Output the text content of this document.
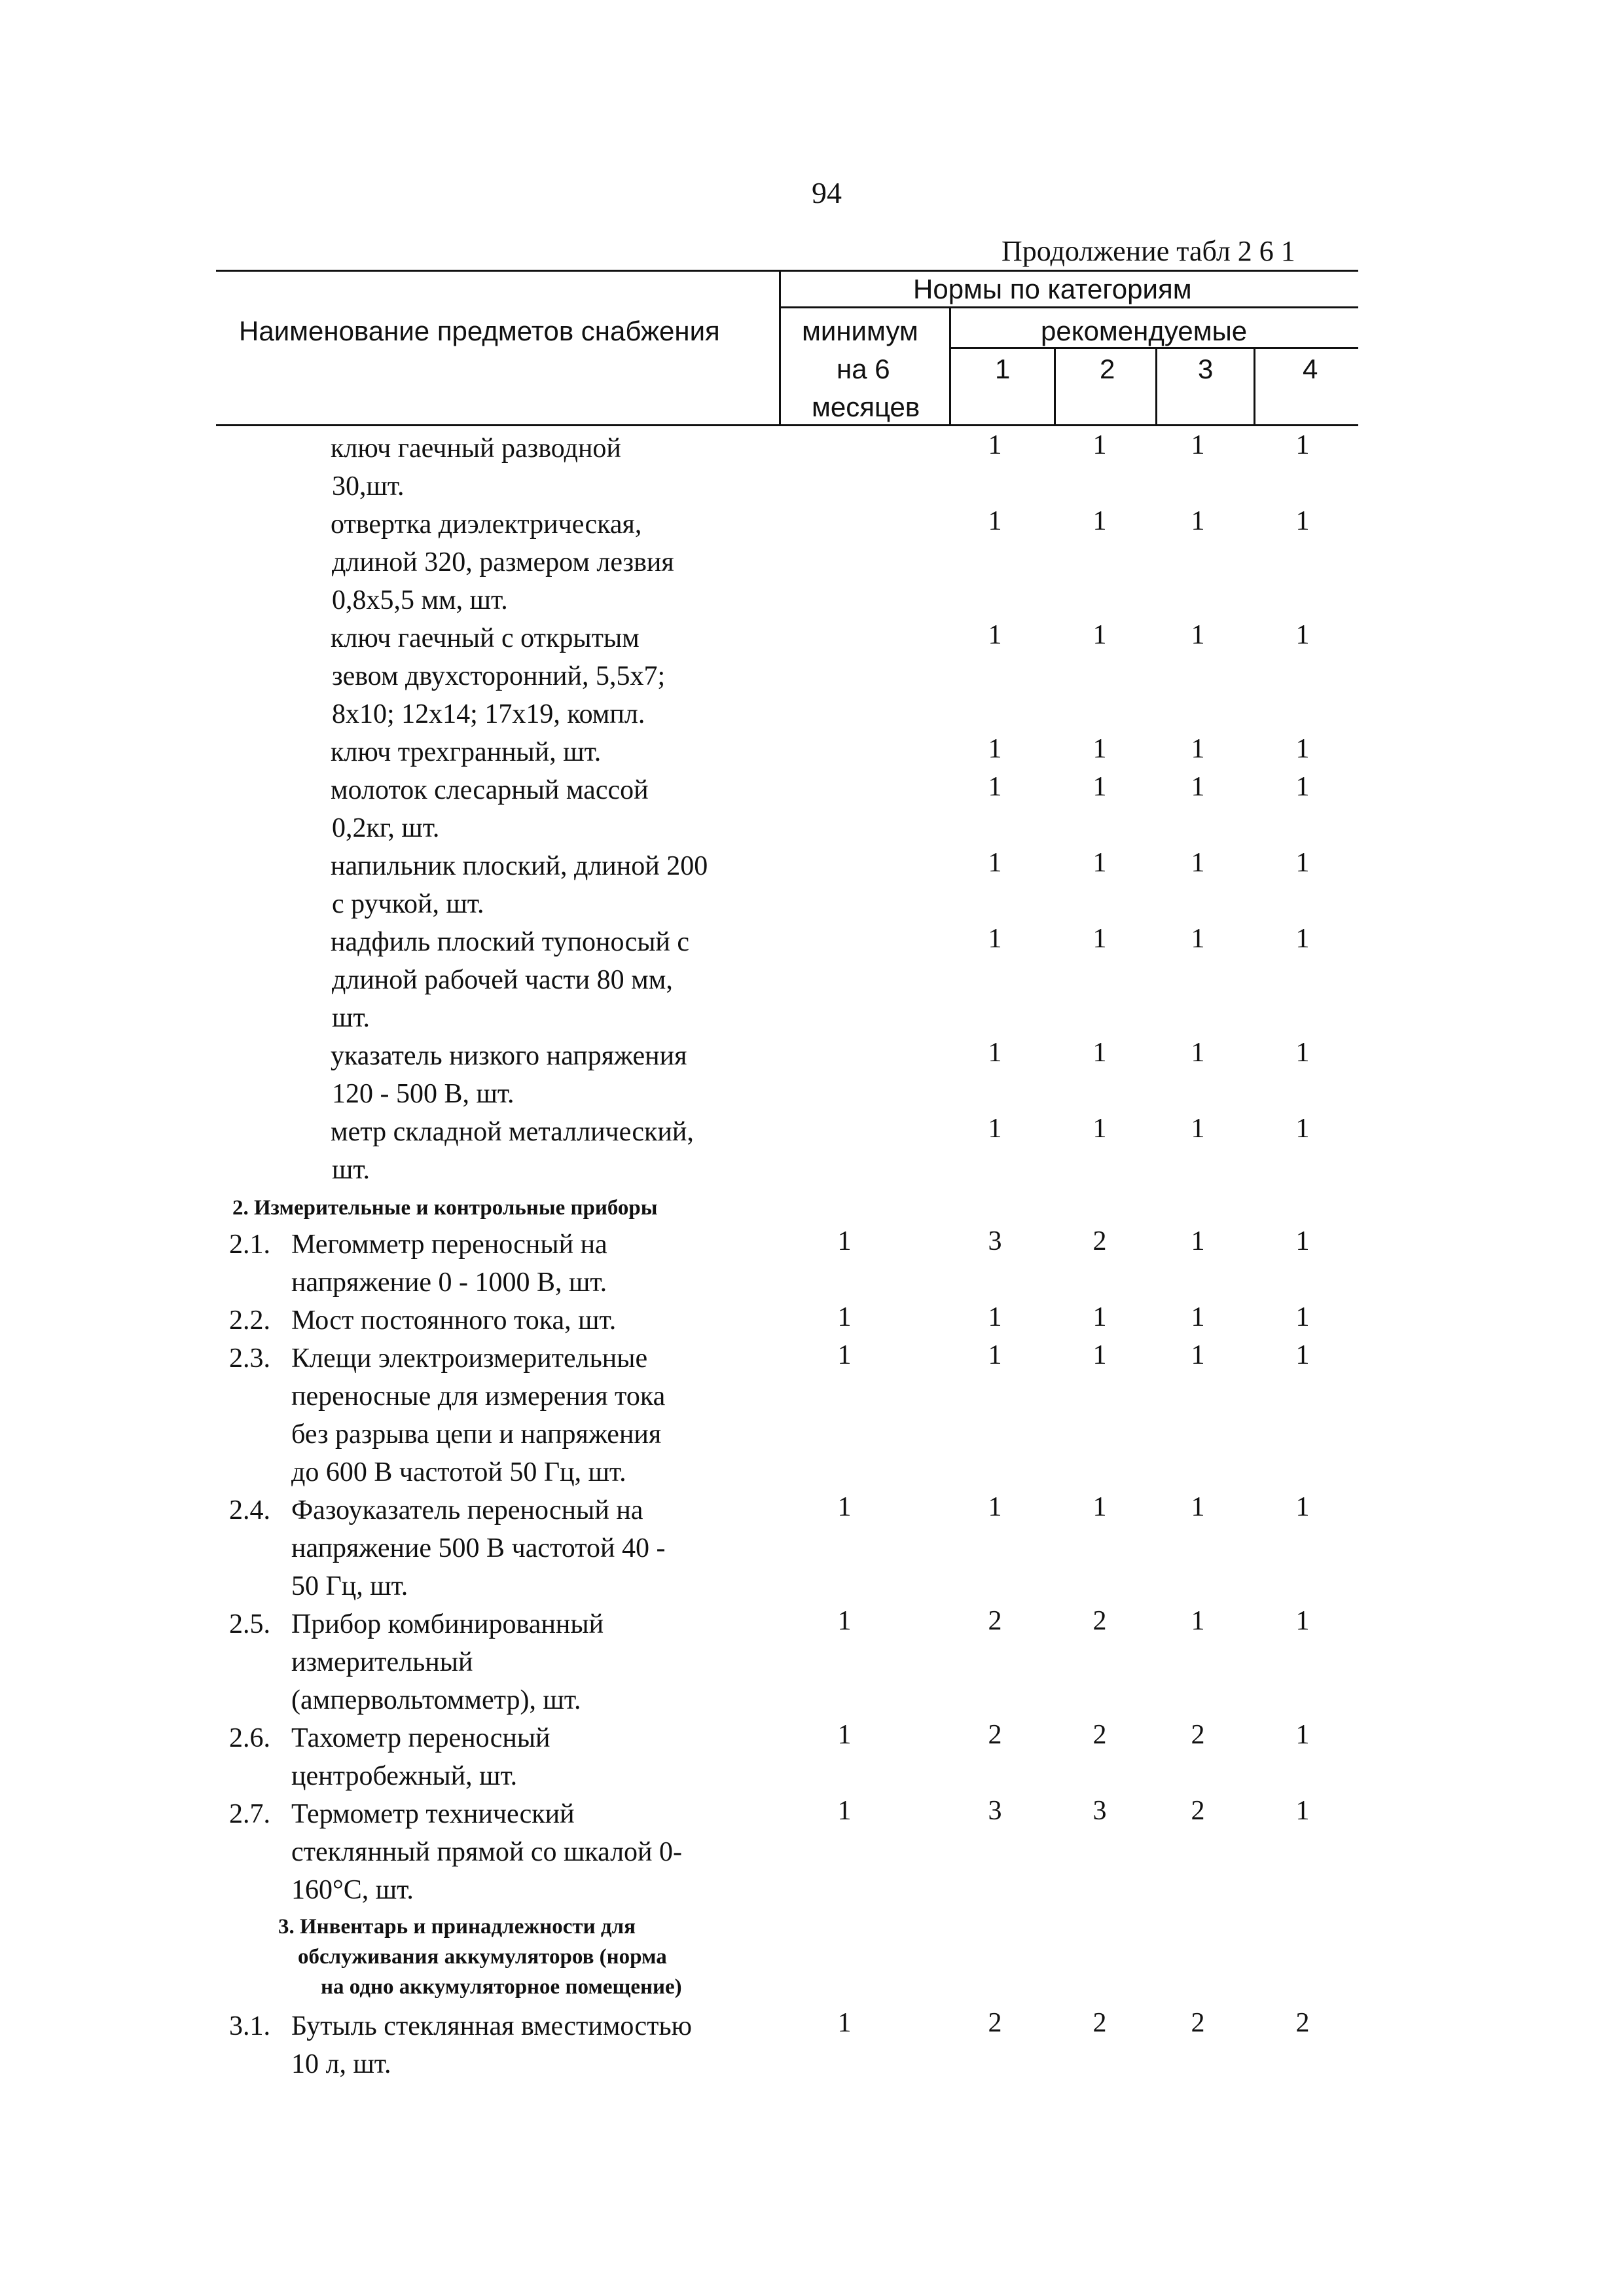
94
Продолжение табл 2 6 1
Наименование предметов снабжения
Нормы по категориям
минимум
на 6
месяцев
рекомендуемые
1	2	3	4
ключ гаечный разводной
30,шт.
1	1	1	1
отвертка диэлектрическая,
длиной 320, размером лезвия
0,8x5,5 мм, шт.
1	1	1	1
ключ гаечный с открытым
зевом двухсторонний, 5,5x7;
8x10; 12x14; 17x19, компл.
1	1	1	1
ключ трехгранный, шт.	1	1	1	1
молоток слесарный массой
0,2кг, шт.
1	1	1	1
напильник плоский, длиной 200
с ручкой, шт.
1	1	1	1
надфиль плоский тупоносый с
длиной рабочей части 80 мм,
шт.
1	1	1	1
указатель низкого напряжения
120 - 500 В, шт.
1	1	1	1
метр складной металлический,
шт.
1	1	1	1
2. Измерительные и контрольные приборы
2.1. Мегомметр переносный на
напряжение 0 - 1000 В, шт.
1	3	2	1	1
2.2. Мост постоянного тока, шт.	1	1	1	1	1
2.3. Клещи электроизмерительные
переносные для измерения тока
без разрыва цепи и напряжения
до 600 В частотой 50 Гц, шт.
1	1	1	1	1
2.4. Фазоуказатель переносный на
напряжение 500 В частотой 40 -
50 Гц, шт.
1	1	1	1	1
2.5. Прибор комбинированный
измерительный
(ампервольтомметр), шт.
1	2	2	1	1
2.6. Тахометр переносный
центробежный, шт.
1	2	2	2	1
2.7. Термометр технический
стеклянный прямой со шкалой 0-
160°С, шт.
1	3	3	2	1
3. Инвентарь и принадлежности для
обслуживания аккумуляторов (норма
на одно аккумуляторное помещение)
3.1. Бутыль стеклянная вместимостью
10 л, шт.
1	2	2	2	2
